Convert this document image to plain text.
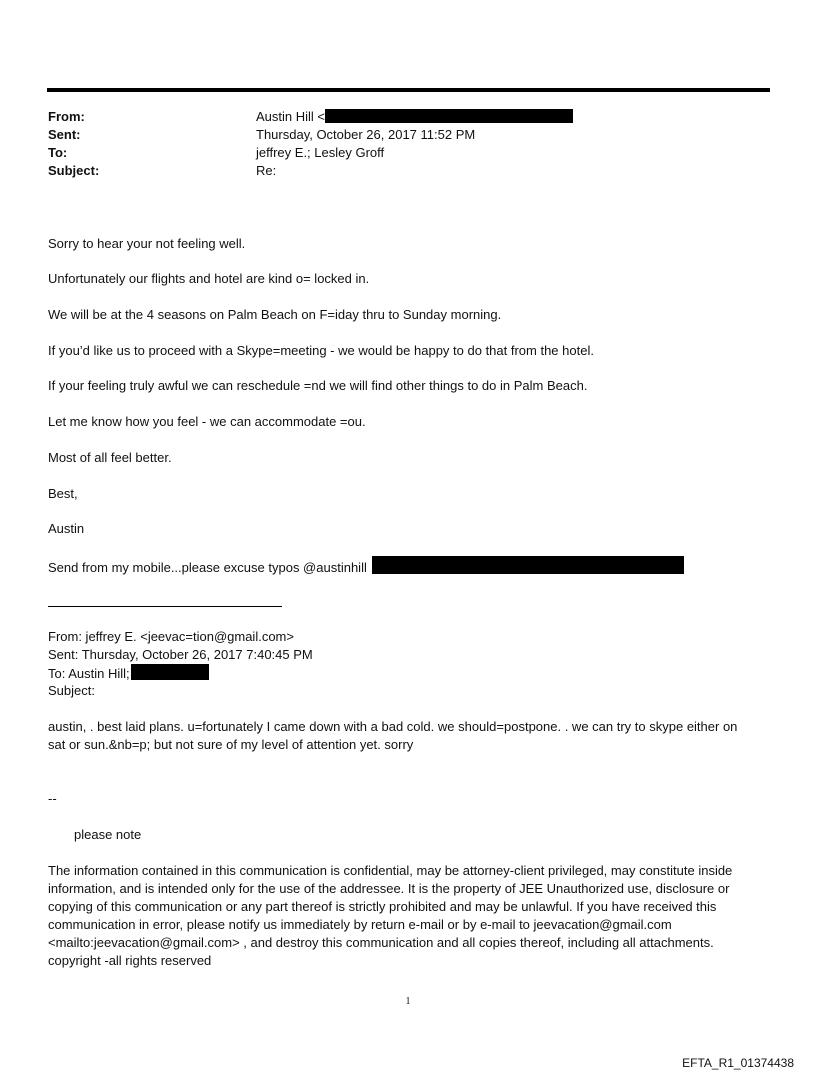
From:	Austin Hill <
Sent:	Thursday, October 26, 2017 11:52 PM
To:	jeffrey E.; Lesley Groff
Subject:	Re:
Sorry to hear your not feeling well.
Unfortunately our flights and hotel are kind o= locked in.
We will be at the 4 seasons on Palm Beach on F=iday thru to Sunday morning.
If you’d like us to proceed with a Skype=meeting - we would be happy to do that from the hotel.
If your feeling truly awful we can reschedule =nd we will find other things to do in Palm Beach.
Let me know how you feel - we can accommodate =ou.
Most of all feel better.
Best,
Austin
Send from my mobile...please excuse typos @austinhill
From: jeffrey E. <jeevac=tion@gmail.com>
Sent: Thursday, October 26, 2017 7:40:45 PM
To: Austin Hill;
Subject:
austin, . best laid plans. u=fortunately I came down with a bad cold. we should=postpone. . we can try to skype either on sat or sun.&nb=p; but not sure of my level of attention yet. sorry
--
please note
The information contained in this communication is confidential, may be attorney-client privileged, may constitute inside information, and is intended only for the use of the addressee. It is the property of JEE Unauthorized use, disclosure or copying of this communication or any part thereof is strictly prohibited and may be unlawful. If you have received this communication in error, please notify us immediately by return e-mail or by e-mail to jeevacation@gmail.com <mailto:jeevacation@gmail.com> , and destroy this communication and all copies thereof, including all attachments. copyright -all rights reserved
1
EFTA_R1_01374438
